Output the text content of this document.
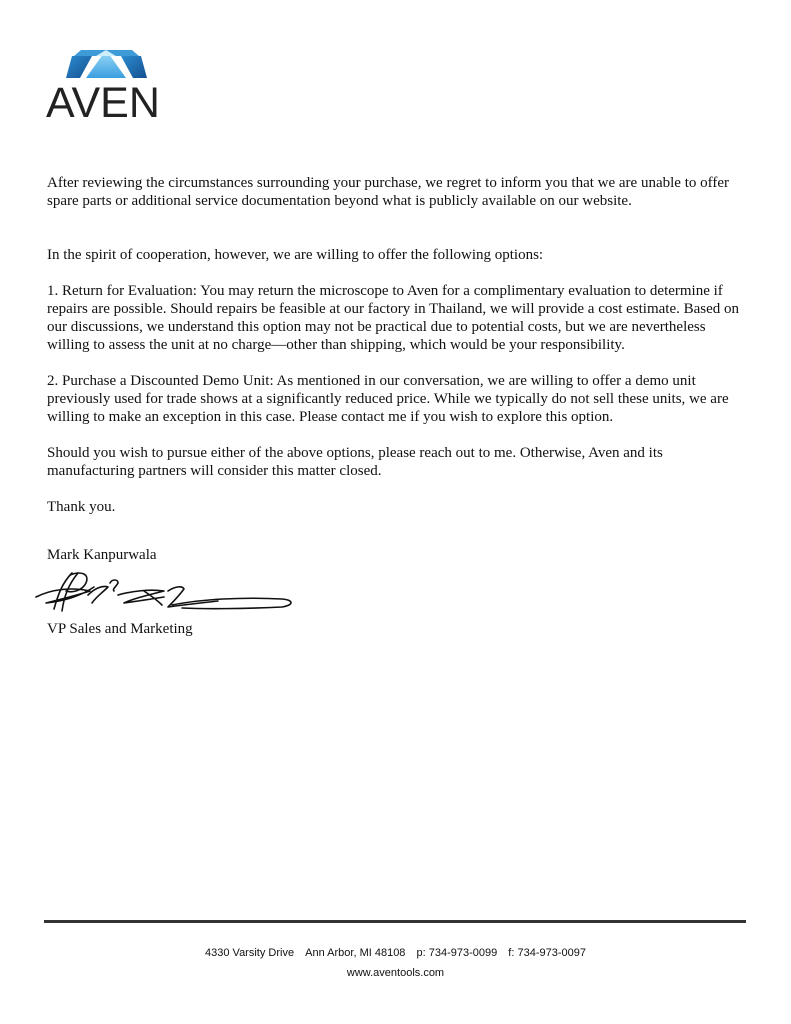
AVEN

After reviewing the circumstances surrounding your purchase, we regret to inform you that we are unable to offer spare parts or additional service documentation beyond what is publicly available on our website.

In the spirit of cooperation, however, we are willing to offer the following options:

1. Return for Evaluation: You may return the microscope to Aven for a complimentary evaluation to determine if repairs are possible. Should repairs be feasible at our factory in Thailand, we will provide a cost estimate. Based on our discussions, we understand this option may not be practical due to potential costs, but we are nevertheless willing to assess the unit at no charge—other than shipping, which would be your responsibility.

2. Purchase a Discounted Demo Unit: As mentioned in our conversation, we are willing to offer a demo unit previously used for trade shows at a significantly reduced price. While we typically do not sell these units, we are willing to make an exception in this case. Please contact me if you wish to explore this option.

Should you wish to pursue either of the above options, please reach out to me. Otherwise, Aven and its manufacturing partners will consider this matter closed.

Thank you.

Mark Kanpurwala
VP Sales and Marketing
4330 Varsity Drive Ann Arbor, MI 48108 p: 734-973-0099 f: 734-973-0097
www.aventools.com
